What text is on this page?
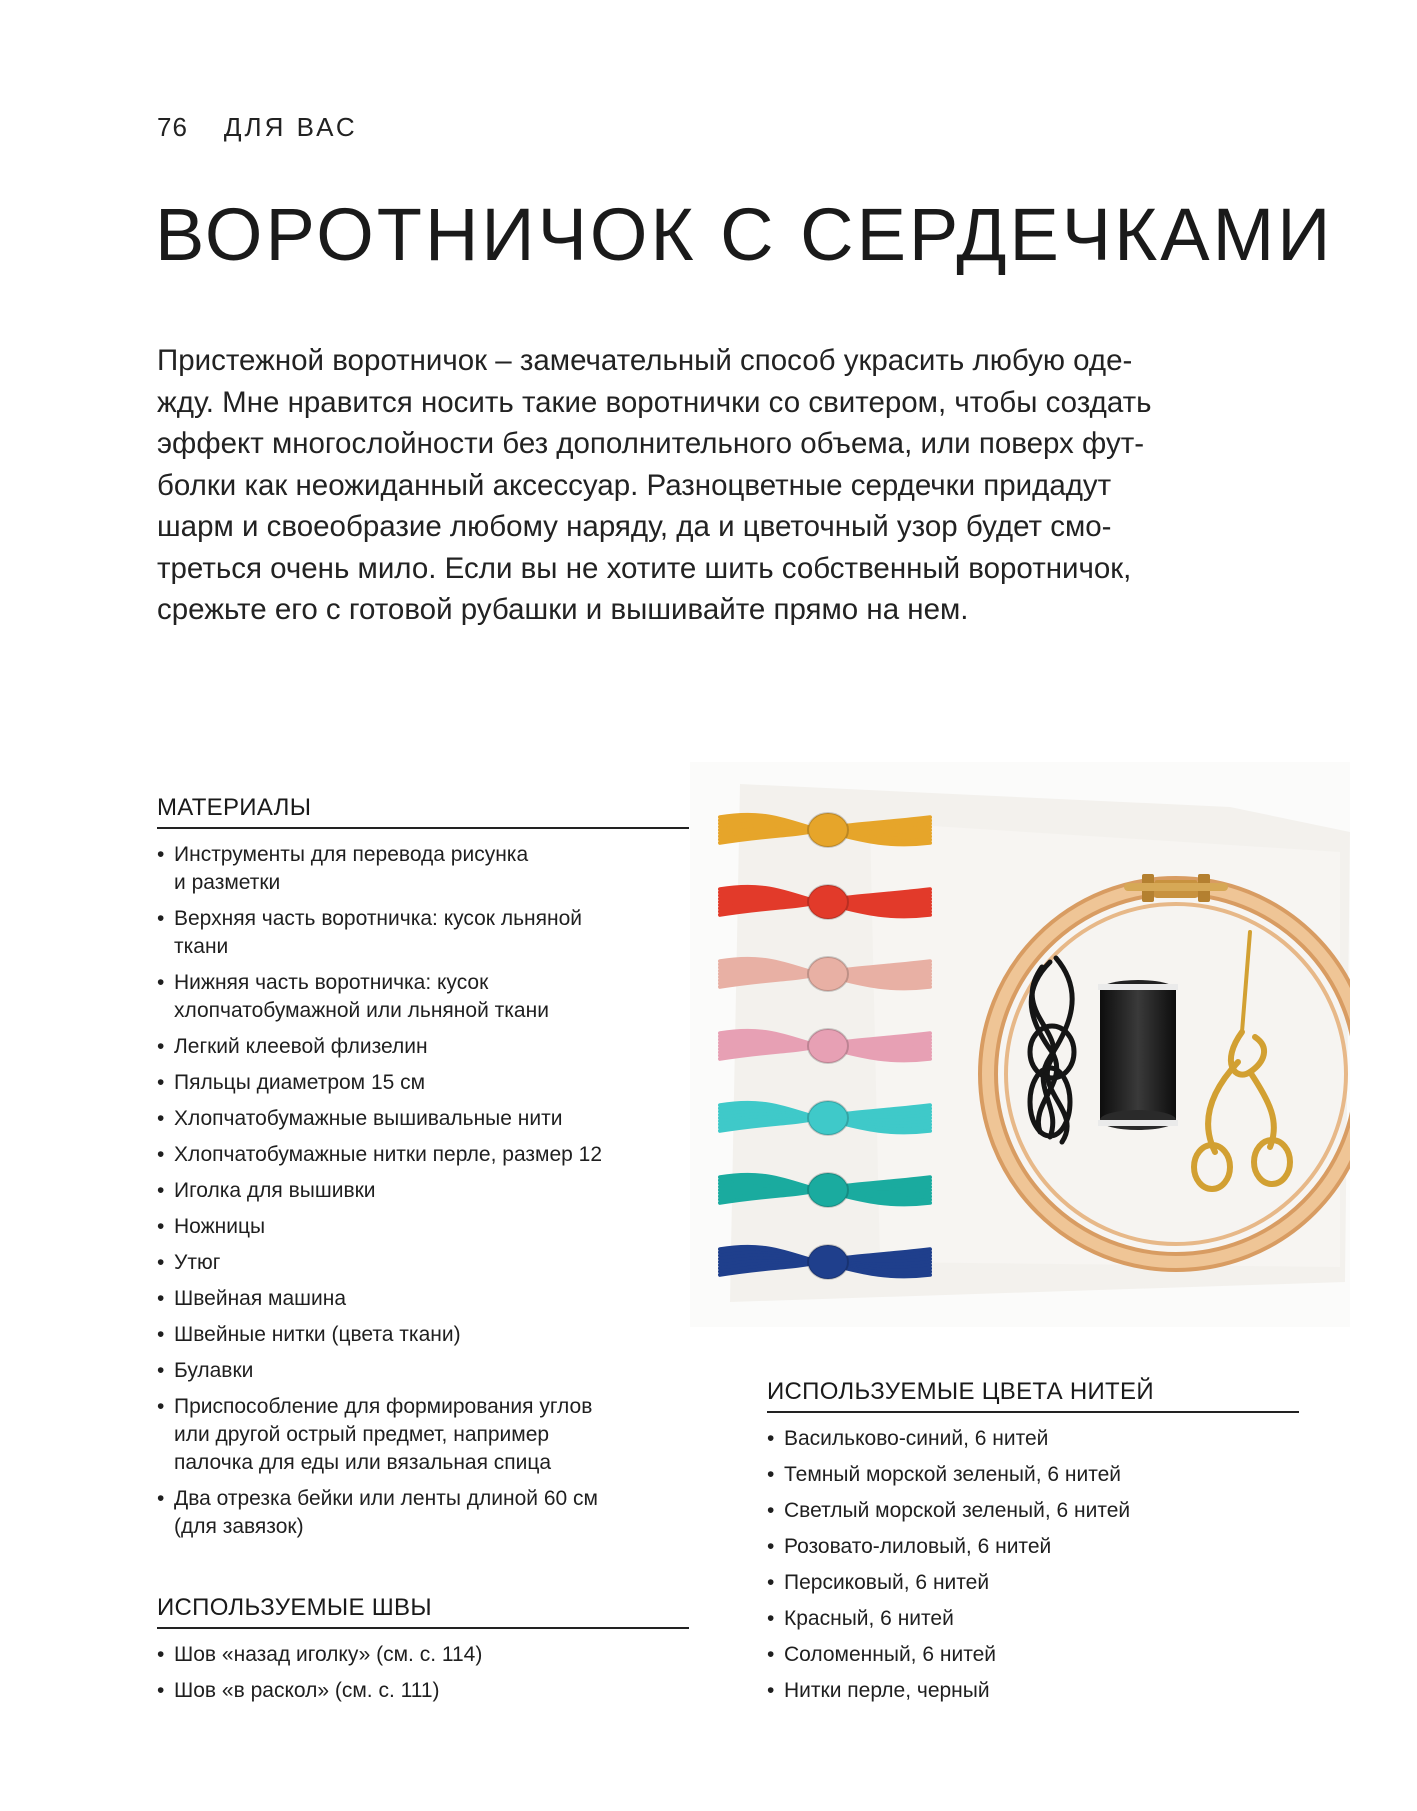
76 ДЛЯ ВАС
ВОРОТНИЧОК С СЕРДЕЧКАМИ
Пристежной воротничок – замечательный способ украсить любую оде-
жду. Мне нравится носить такие воротнички со свитером, чтобы создать
эффект многослойности без дополнительного объема, или поверх фут-
болки как неожиданный аксессуар. Разноцветные сердечки придадут
шарм и своеобразие любому наряду, да и цветочный узор будет смо-
треться очень мило. Если вы не хотите шить собственный воротничок,
срежьте его с готовой рубашки и вышивайте прямо на нем.
МАТЕРИАЛЫ
• Инструменты для перевода рисунка
и разметки
• Верхняя часть воротничка: кусок льняной
ткани
• Нижняя часть воротничка: кусок
хлопчатобумажной или льняной ткани
• Легкий клеевой флизелин
• Пяльцы диаметром 15 см
• Хлопчатобумажные вышивальные нити
• Хлопчатобумажные нитки перле, размер 12
• Иголка для вышивки
• Ножницы
• Утюг
• Швейная машина
• Швейные нитки (цвета ткани)
• Булавки
• Приспособление для формирования углов
или другой острый предмет, например
палочка для еды или вязальная спица
• Два отрезка бейки или ленты длиной 60 см
(для завязок)
ИСПОЛЬЗУЕМЫЕ ШВЫ
• Шов «назад иголку» (см. с. 114)
• Шов «в раскол» (см. с. 111)
ИСПОЛЬЗУЕМЫЕ ЦВЕТА НИТЕЙ
• Васильково-синий, 6 нитей
• Темный морской зеленый, 6 нитей
• Светлый морской зеленый, 6 нитей
• Розовато-лиловый, 6 нитей
• Персиковый, 6 нитей
• Красный, 6 нитей
• Соломенный, 6 нитей
• Нитки перле, черный
